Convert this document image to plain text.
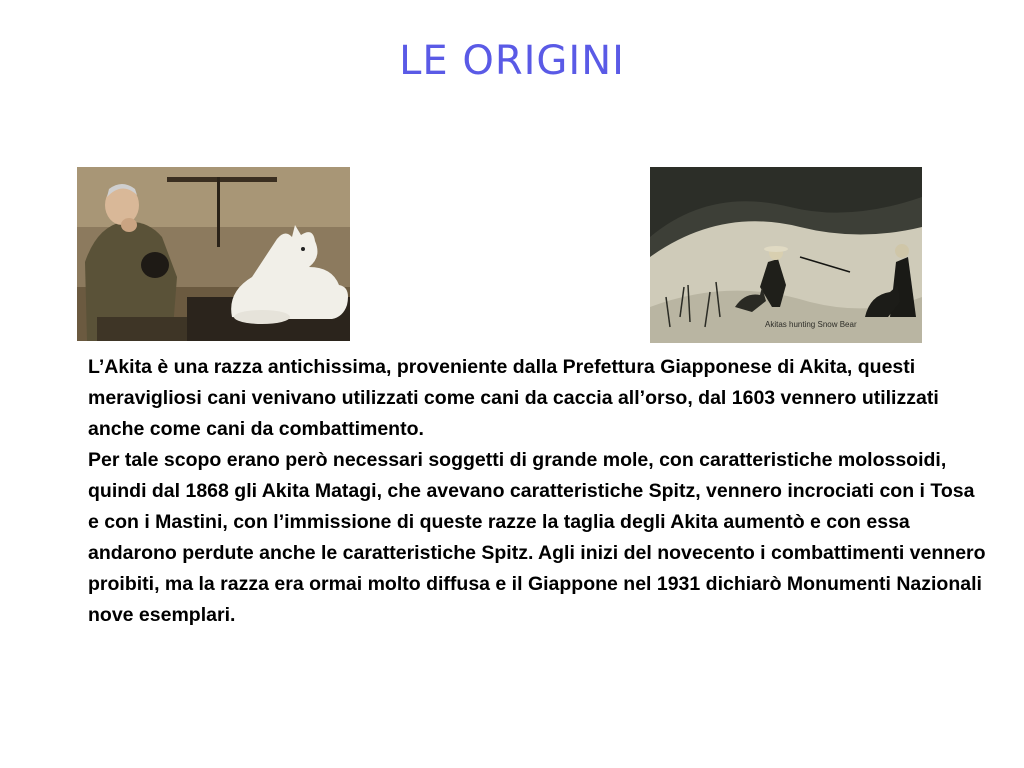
LE ORIGINI
Akitas hunting Snow Bear

L’Akita è una razza antichissima, proveniente dalla Prefettura Giapponese di Akita, questi meravigliosi cani venivano utilizzati come cani da caccia all’orso, dal 1603 vennero utilizzati anche come cani da combattimento.

Per tale scopo erano però necessari soggetti di grande mole, con caratteristiche molossoidi, quindi dal 1868 gli Akita Matagi, che avevano caratteristiche Spitz, vennero incrociati con i Tosa e con i Mastini, con l’immissione di queste razze la taglia degli Akita aumentò e con essa andarono perdute anche le caratteristiche Spitz. Agli inizi del novecento i combattimenti vennero proibiti, ma la razza era ormai molto diffusa e il Giappone nel 1931 dichiarò Monumenti Nazionali nove esemplari.
